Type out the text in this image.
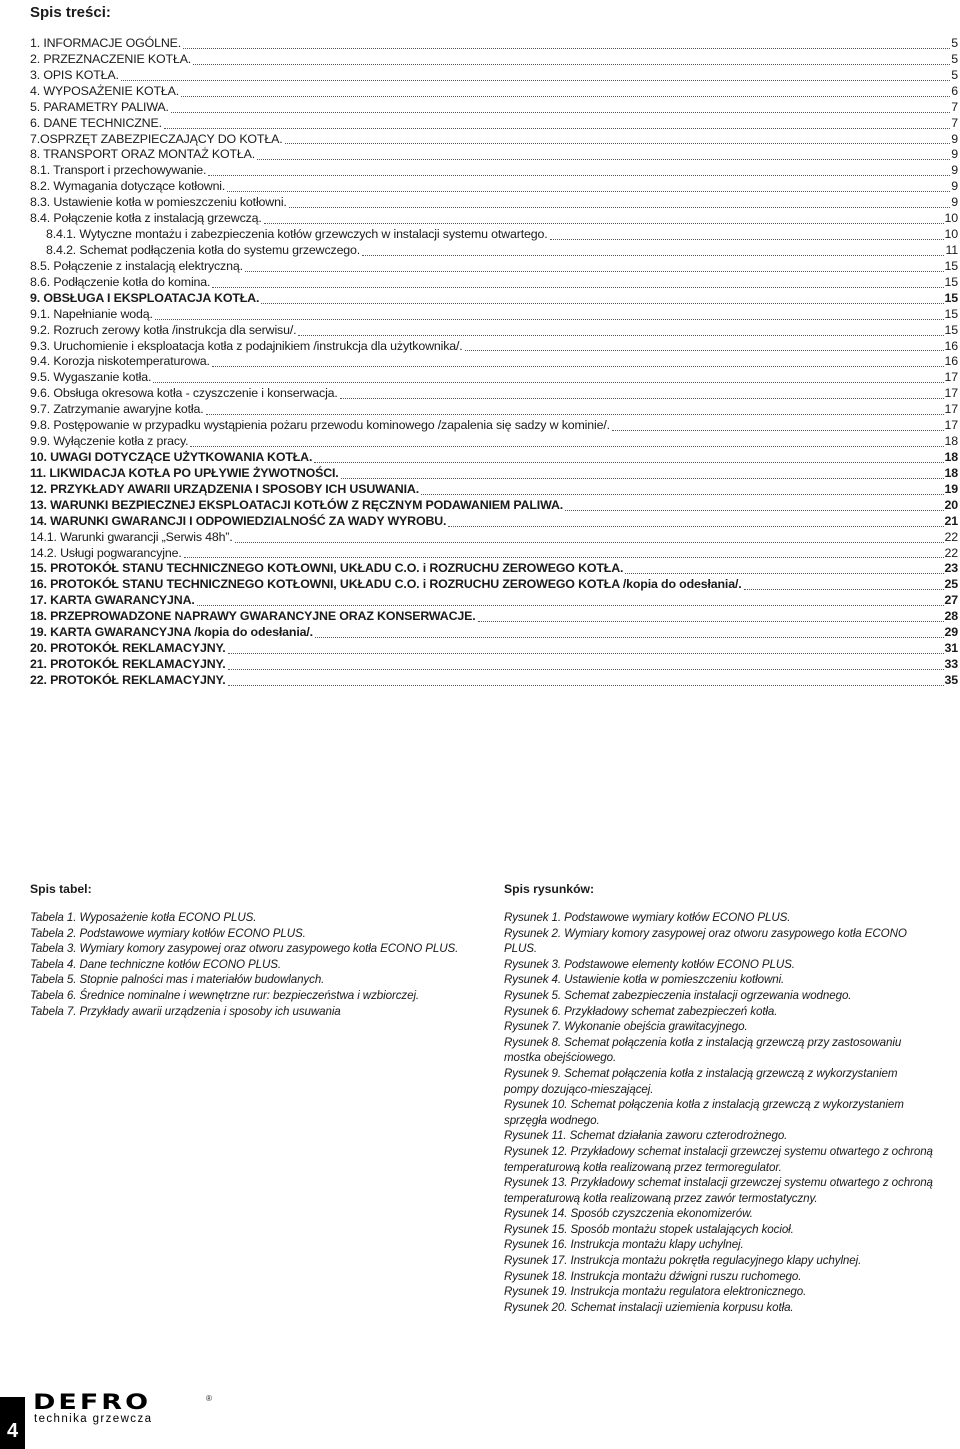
Spis treści:
1. INFORMACJE OGÓLNE.	5
2. PRZEZNACZENIE KOTŁA.	5
3. OPIS KOTŁA.	5
4. WYPOSAŻENIE KOTŁA.	6
5. PARAMETRY PALIWA.	7
6. DANE TECHNICZNE.	7
7.OSPRZĘT ZABEZPIECZAJĄCY DO KOTŁA.	9
8. TRANSPORT ORAZ MONTAŻ KOTŁA.	9
8.1. Transport i przechowywanie.	9
8.2. Wymagania dotyczące kotłowni.	9
8.3. Ustawienie kotła w pomieszczeniu kotłowni.	9
8.4. Połączenie kotła z instalacją grzewczą.	10
8.4.1. Wytyczne montażu i zabezpieczenia kotłów grzewczych w instalacji systemu otwartego.	10
8.4.2. Schemat podłączenia kotła do systemu grzewczego.	11
8.5. Połączenie z instalacją elektryczną.	15
8.6. Podłączenie kotła do komina.	15
9. OBSŁUGA I EKSPLOATACJA KOTŁA.	15
9.1. Napełnianie wodą.	15
9.2. Rozruch zerowy kotła /instrukcja dla serwisu/.	15
9.3. Uruchomienie i eksploatacja kotła z podajnikiem /instrukcja dla użytkownika/.	16
9.4. Korozja niskotemperaturowa.	16
9.5. Wygaszanie kotła.	17
9.6. Obsługa okresowa kotła - czyszczenie i konserwacja.	17
9.7. Zatrzymanie awaryjne kotła.	17
9.8. Postępowanie w przypadku wystąpienia pożaru przewodu kominowego /zapalenia się sadzy w kominie/.	17
9.9. Wyłączenie kotła z pracy.	18
10. UWAGI DOTYCZĄCE UŻYTKOWANIA KOTŁA.	18
11. LIKWIDACJA KOTŁA PO UPŁYWIE ŻYWOTNOŚCI.	18
12. PRZYKŁADY AWARII URZĄDZENIA I SPOSOBY ICH USUWANIA.	19
13. WARUNKI BEZPIECZNEJ EKSPLOATACJI KOTŁÓW Z RĘCZNYM PODAWANIEM PALIWA.	20
14. WARUNKI GWARANCJI I ODPOWIEDZIALNOŚĆ ZA WADY WYROBU.	21
14.1. Warunki gwarancji „Serwis 48h”.	22
14.2. Usługi pogwarancyjne.	22
15. PROTOKÓŁ STANU TECHNICZNEGO KOTŁOWNI, UKŁADU C.O. i ROZRUCHU ZEROWEGO KOTŁA.	23
16. PROTOKÓŁ STANU TECHNICZNEGO KOTŁOWNI, UKŁADU C.O. i ROZRUCHU ZEROWEGO KOTŁA /kopia do odesłania/.	25
17. KARTA GWARANCYJNA.	27
18. PRZEPROWADZONE NAPRAWY GWARANCYJNE ORAZ KONSERWACJE.	28
19. KARTA GWARANCYJNA /kopia do odesłania/.	29
20. PROTOKÓŁ REKLAMACYJNY.	31
21. PROTOKÓŁ REKLAMACYJNY.	33
22. PROTOKÓŁ REKLAMACYJNY.	35
Spis tabel:
Tabela 1. Wyposażenie kotła ECONO PLUS.
Tabela 2. Podstawowe wymiary kotłów ECONO PLUS.
Tabela 3. Wymiary komory zasypowej oraz otworu zasypowego kotła ECONO PLUS.
Tabela 4. Dane techniczne kotłów ECONO PLUS.
Tabela 5. Stopnie palności mas i materiałów budowlanych.
Tabela 6. Średnice nominalne i wewnętrzne rur: bezpieczeństwa i wzbiorczej.
Tabela 7. Przykłady awarii urządzenia i sposoby ich usuwania
Spis rysunków:
Rysunek 1. Podstawowe wymiary kotłów ECONO PLUS.
Rysunek 2. Wymiary komory zasypowej oraz otworu zasypowego kotła ECONO PLUS.
Rysunek 3. Podstawowe elementy kotłów ECONO PLUS.
Rysunek 4. Ustawienie kotła w pomieszczeniu kotłowni.
Rysunek 5. Schemat zabezpieczenia instalacji ogrzewania wodnego.
Rysunek 6. Przykładowy schemat zabezpieczeń kotła.
Rysunek 7. Wykonanie obejścia grawitacyjnego.
Rysunek 8. Schemat połączenia kotła z instalacją grzewczą przy zastosowaniu mostka obejściowego.
Rysunek 9. Schemat połączenia kotła z instalacją grzewczą z wykorzystaniem pompy dozująco-mieszającej.
Rysunek 10. Schemat połączenia kotła z instalacją grzewczą z wykorzystaniem sprzęgła wodnego.
Rysunek 11. Schemat działania zaworu czterodrożnego.
Rysunek 12. Przykładowy schemat instalacji grzewczej systemu otwartego z ochroną temperaturową kotła realizowaną przez termoregulator.
Rysunek 13. Przykładowy schemat instalacji grzewczej systemu otwartego z ochroną temperaturową kotła realizowaną przez zawór termostatyczny.
Rysunek 14. Sposób czyszczenia ekonomizerów.
Rysunek 15. Sposób montażu stopek ustalających kocioł.
Rysunek 16. Instrukcja montażu klapy uchylnej.
Rysunek 17. Instrukcja montażu pokrętła regulacyjnego klapy uchylnej.
Rysunek 18. Instrukcja montażu dźwigni ruszu ruchomego.
Rysunek 19. Instrukcja montażu regulatora elektronicznego.
Rysunek 20. Schemat instalacji uziemienia korpusu kotła.
4
DEFRO	®
technika grzewcza
